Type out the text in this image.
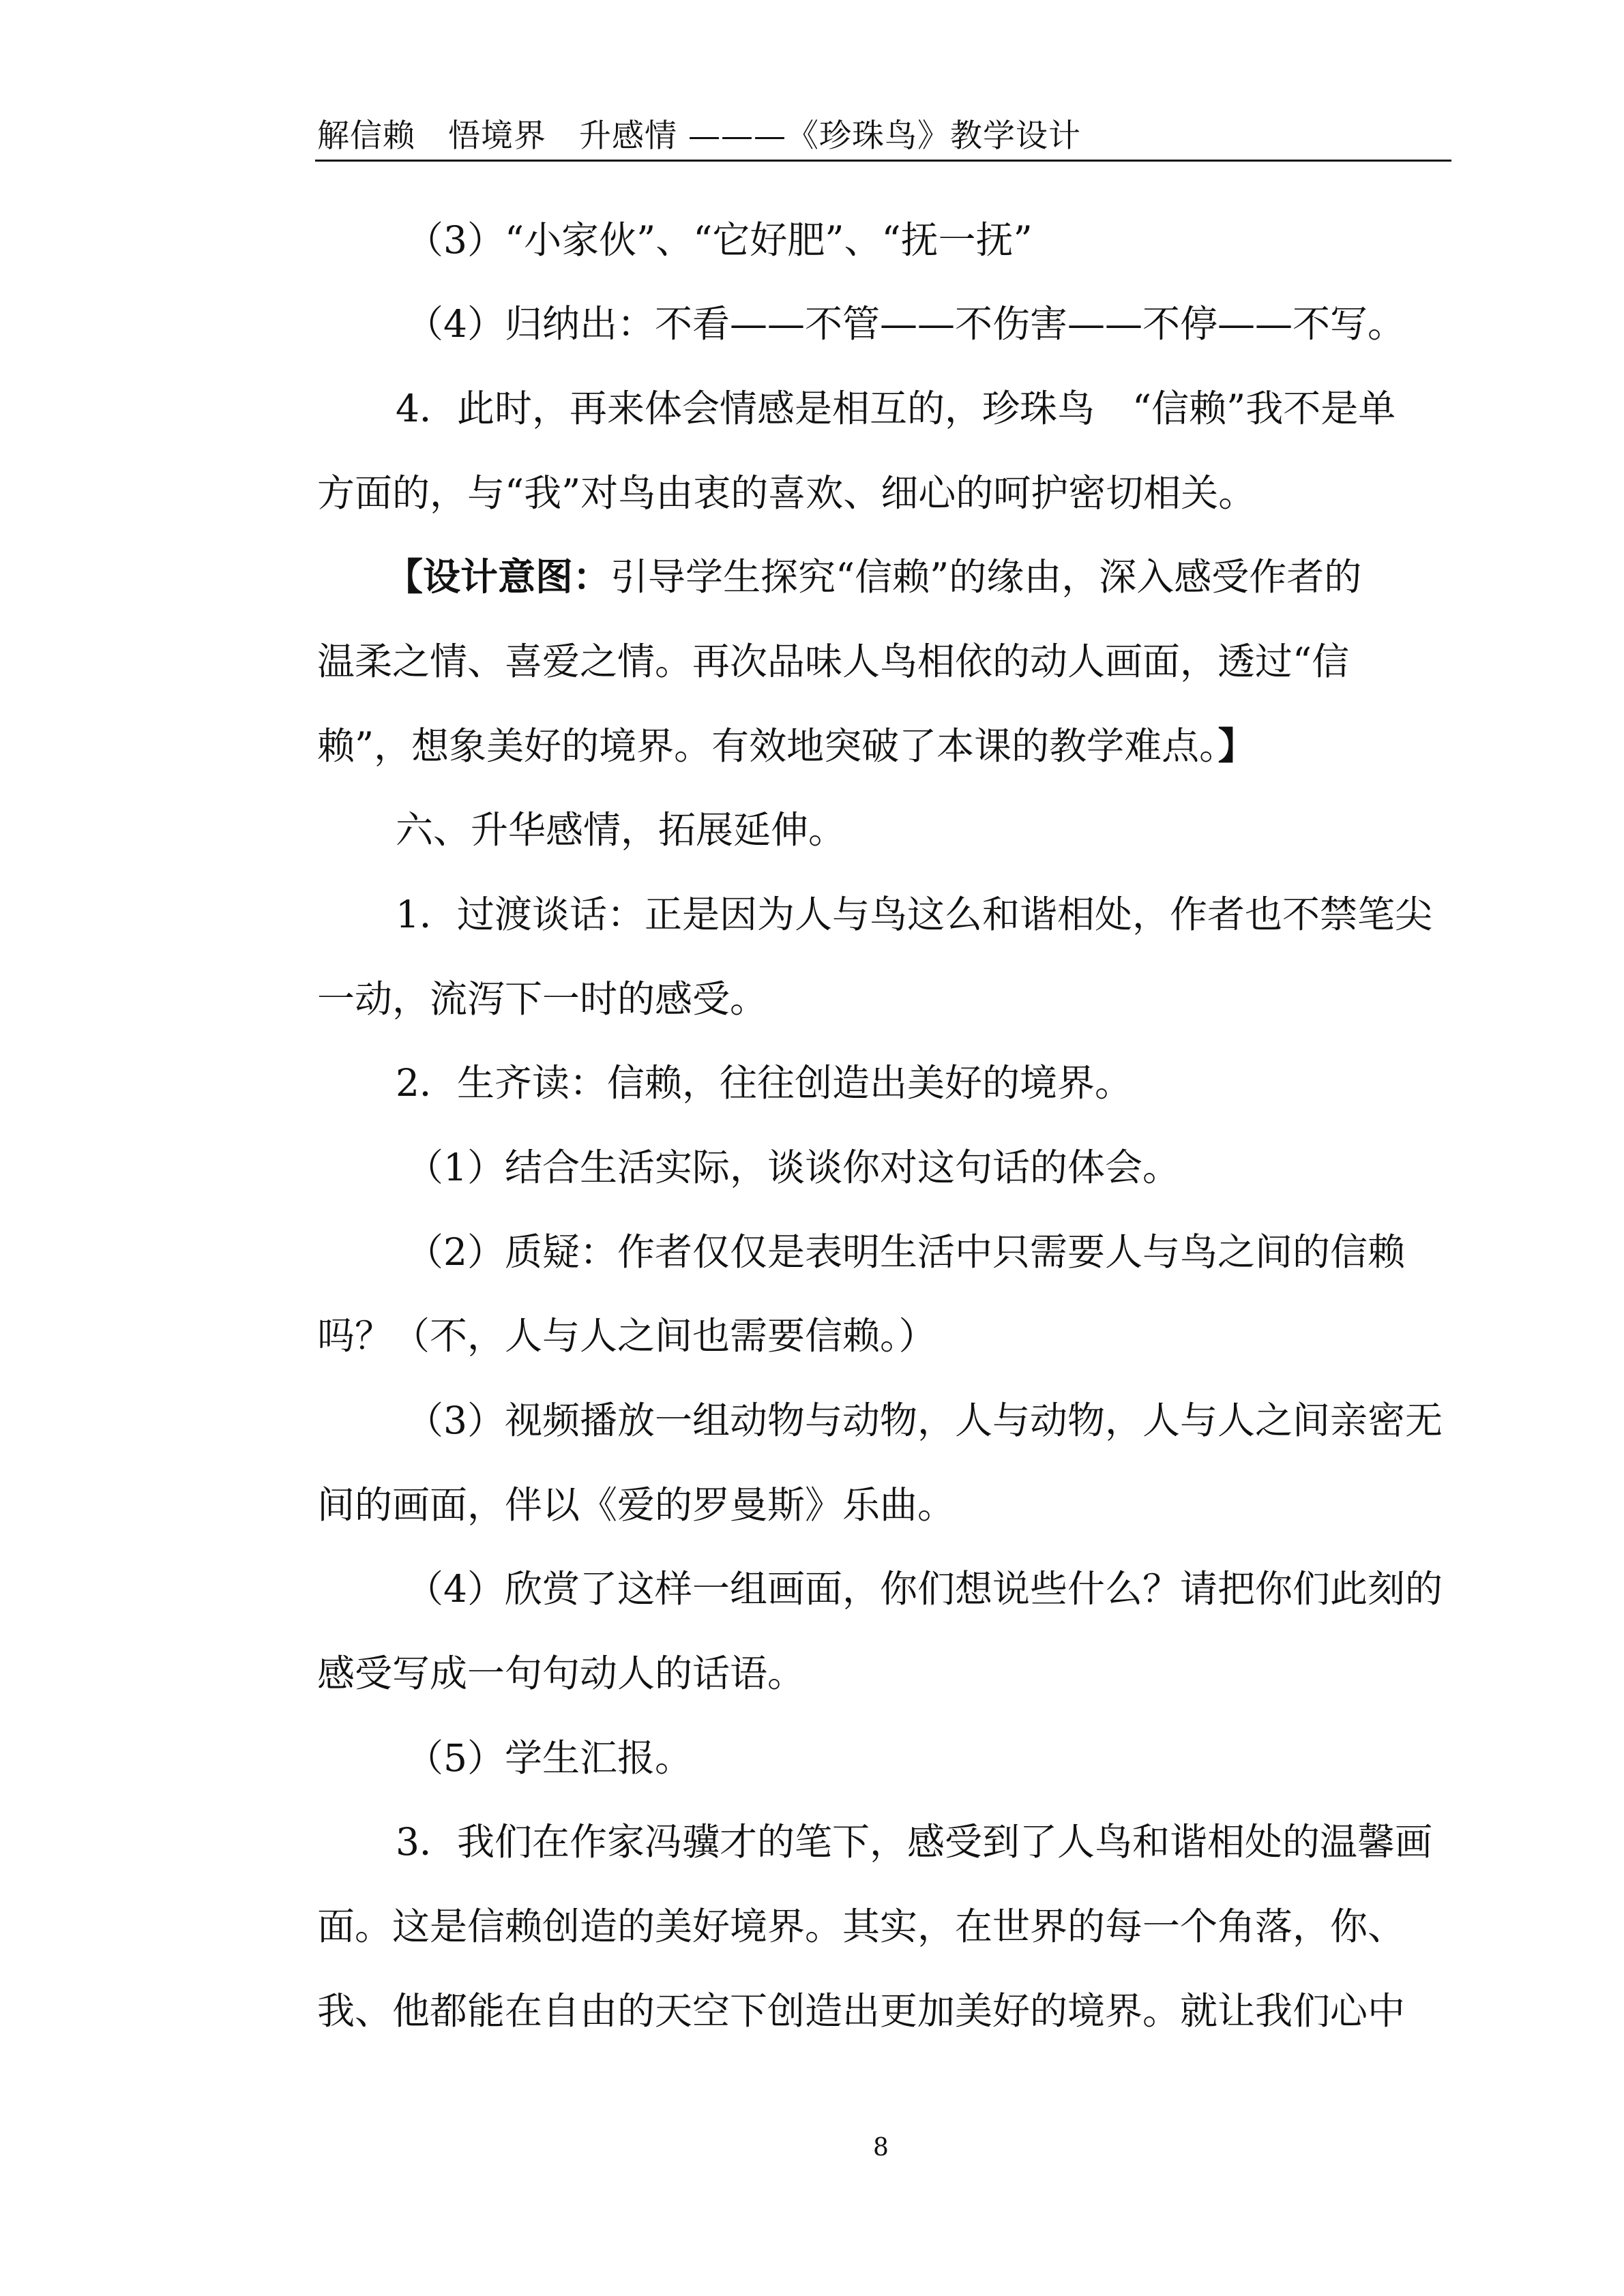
解信赖　悟境界　升感情 ———《珍珠鸟》教学设计
（3）“小家伙”、“它好肥”、“抚一抚”
（4）归纳出：不看——不管——不伤害——不停——不写。
4．此时，再来体会情感是相互的，珍珠鸟　“信赖”我不是单
方面的，与“我”对鸟由衷的喜欢、细心的呵护密切相关。
【设计意图：引导学生探究“信赖”的缘由，深入感受作者的
温柔之情、喜爱之情。再次品味人鸟相依的动人画面，透过“信
赖”，想象美好的境界。有效地突破了本课的教学难点。】
六、升华感情，拓展延伸。
1．过渡谈话：正是因为人与鸟这么和谐相处，作者也不禁笔尖
一动，流泻下一时的感受。
2．生齐读：信赖，往往创造出美好的境界。
（1）结合生活实际，谈谈你对这句话的体会。
（2）质疑：作者仅仅是表明生活中只需要人与鸟之间的信赖
吗？（不，人与人之间也需要信赖。）
（3）视频播放一组动物与动物，人与动物，人与人之间亲密无
间的画面，伴以《爱的罗曼斯》乐曲。
（4）欣赏了这样一组画面，你们想说些什么？请把你们此刻的
感受写成一句句动人的话语。
（5）学生汇报。
3．我们在作家冯骥才的笔下，感受到了人鸟和谐相处的温馨画
面。这是信赖创造的美好境界。其实，在世界的每一个角落，你、
我、他都能在自由的天空下创造出更加美好的境界。就让我们心中
8
